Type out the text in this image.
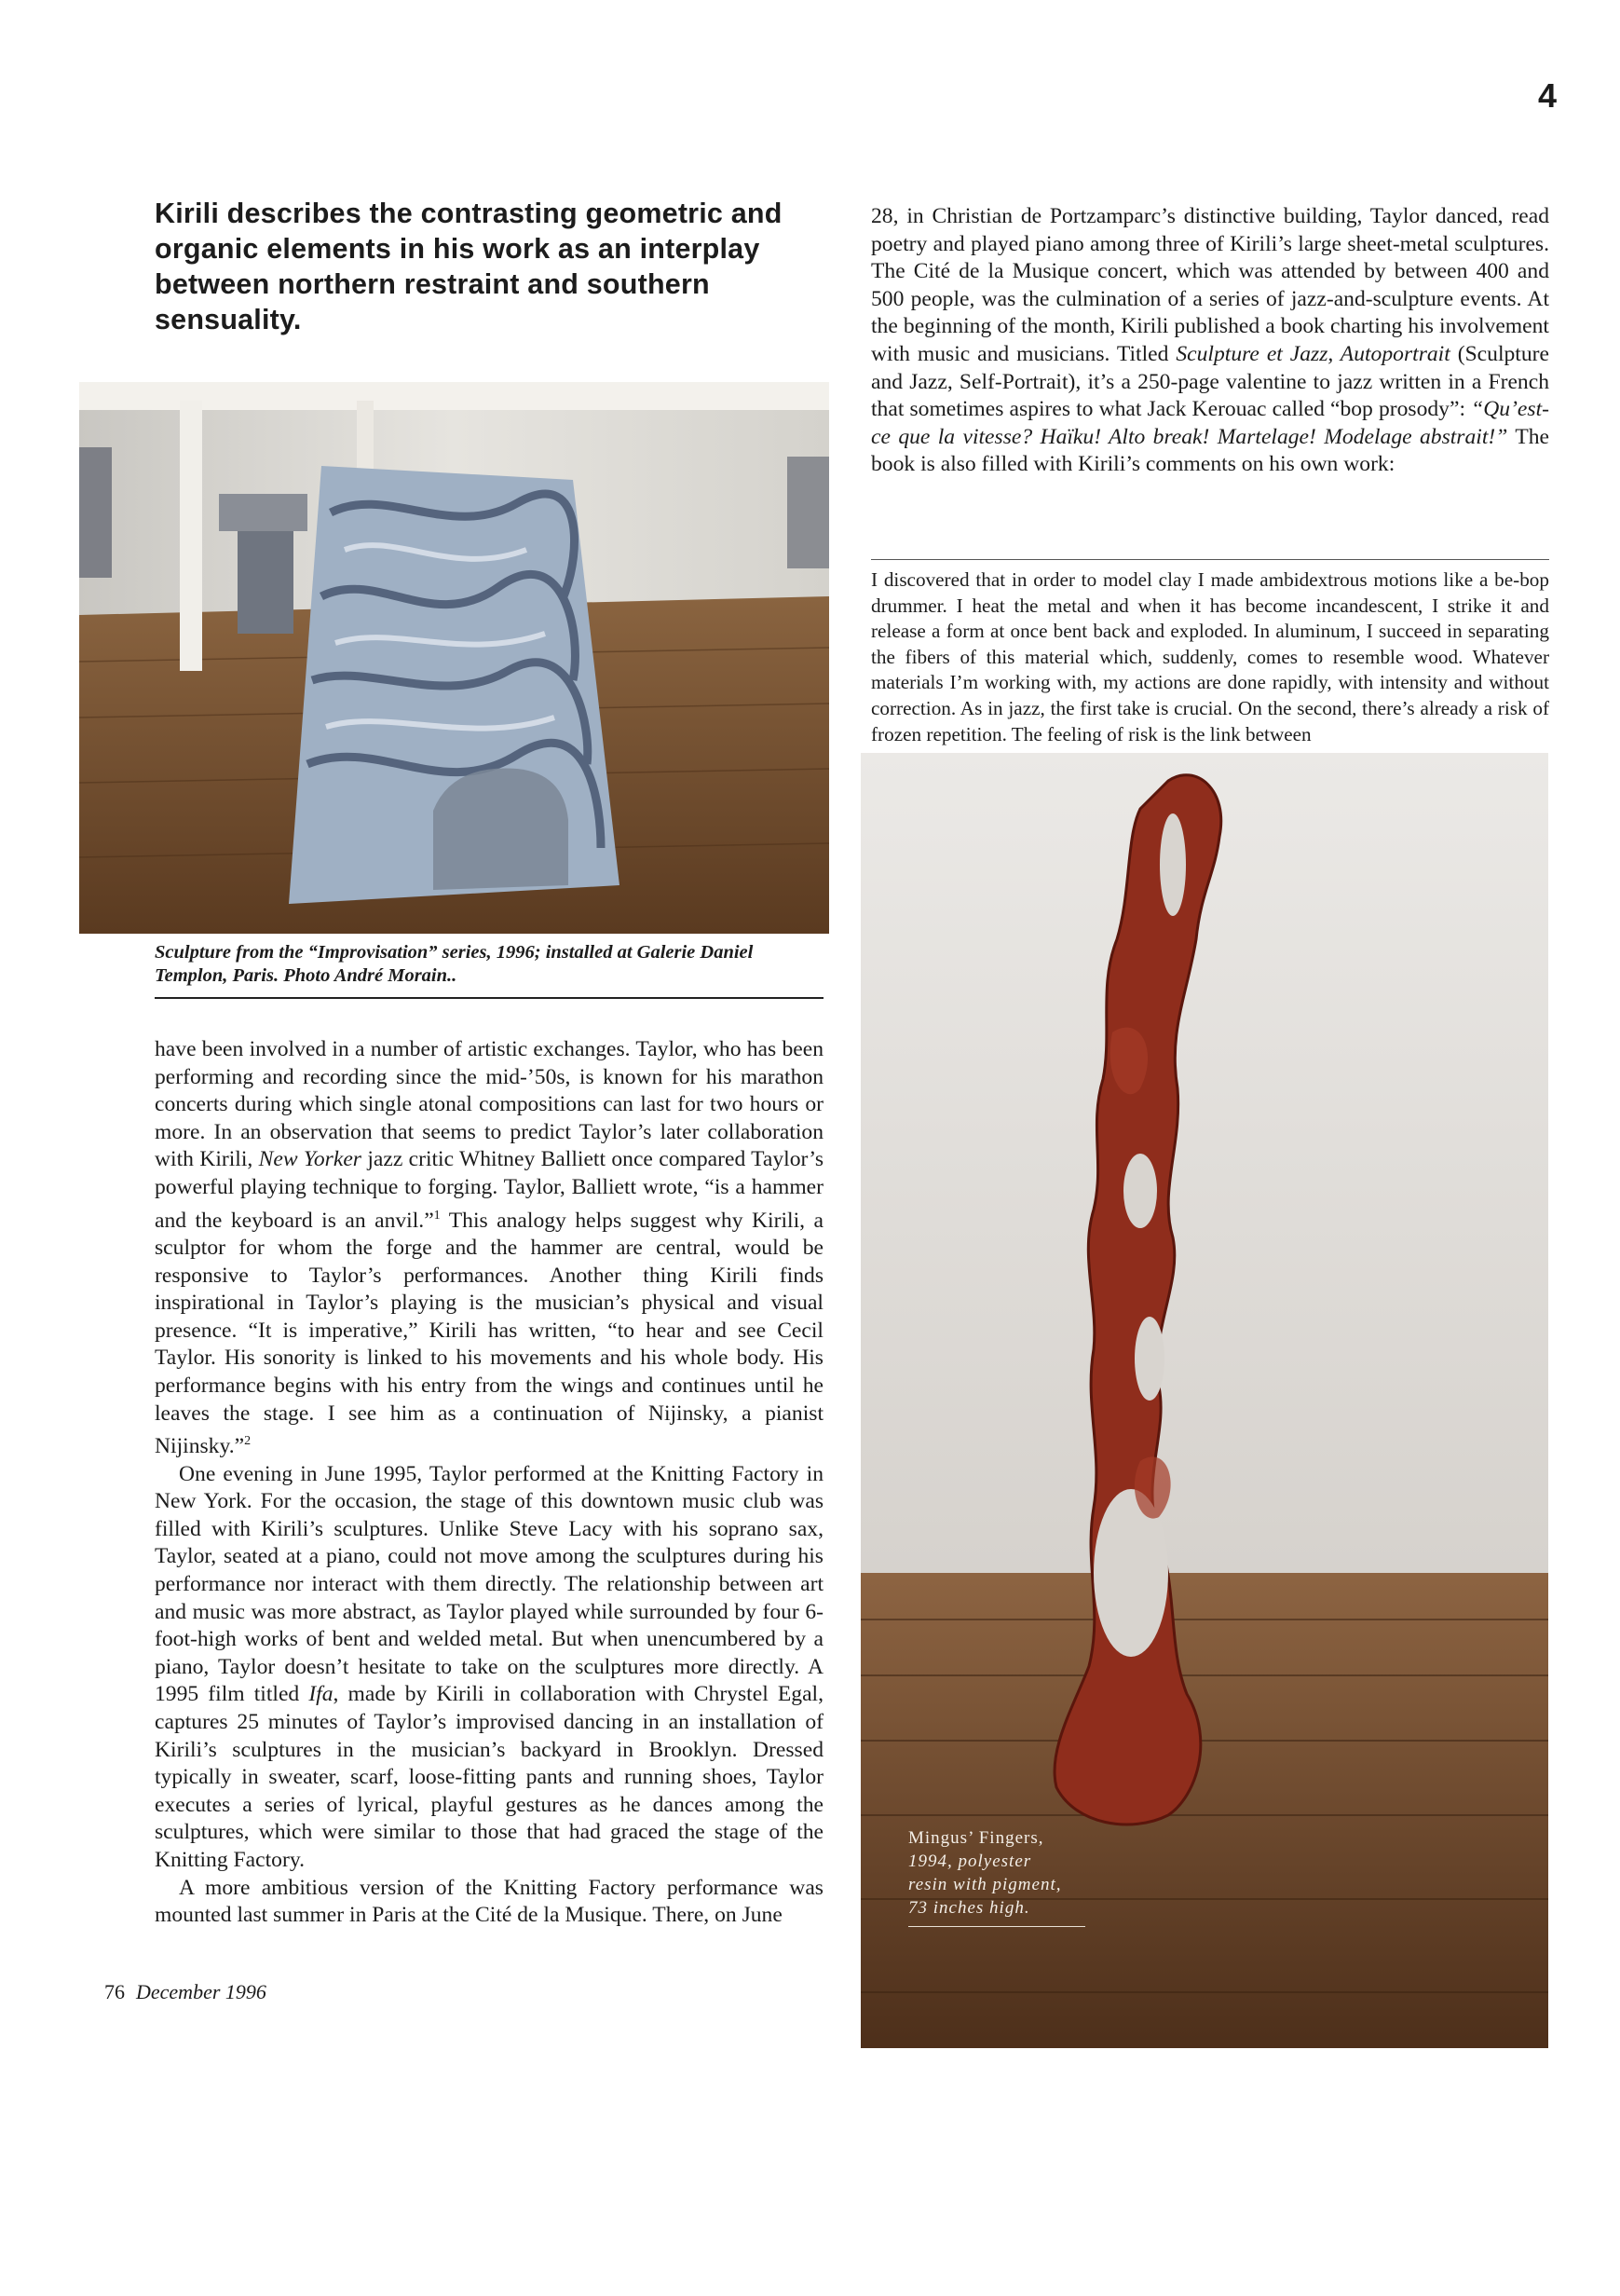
4
Kirili describes the contrasting geometric and organic elements in his work as an interplay between northern restraint and southern sensuality.

28, in Christian de Portzamparc’s distinctive building, Taylor danced, read poetry and played piano among three of Kirili’s large sheet-metal sculptures. The Cité de la Musique concert, which was attended by between 400 and 500 people, was the culmination of a series of jazz-and-sculpture events. At the beginning of the month, Kirili published a book charting his involvement with music and musicians. Titled Sculpture et Jazz, Autoportrait (Sculpture and Jazz, Self-Portrait), it’s a 250-page valentine to jazz written in a French that sometimes aspires to what Jack Kerouac called “bop prosody”: “Qu’est-ce que la vitesse? Haïku! Alto break! Martelage! Modelage abstrait!” The book is also filled with Kirili’s comments on his own work:

I discovered that in order to model clay I made ambidextrous motions like a be-bop drummer. I heat the metal and when it has become incandescent, I strike it and release a form at once bent back and exploded. In aluminum, I succeed in separating the fibers of this material which, suddenly, comes to resemble wood. Whatever materials I’m working with, my actions are done rapidly, with intensity and without correction. As in jazz, the first take is crucial. On the second, there’s already a risk of frozen repetition. The feeling of risk is the link between

Sculpture from the “Improvisation” series, 1996; installed at Galerie Daniel Templon, Paris. Photo André Morain..

have been involved in a number of artistic exchanges. Taylor, who has been performing and recording since the mid-’50s, is known for his marathon concerts during which single atonal compositions can last for two hours or more. In an observation that seems to predict Taylor’s later collaboration with Kirili, New Yorker jazz critic Whitney Balliett once compared Taylor’s powerful playing technique to forging. Taylor, Balliett wrote, “is a hammer and the keyboard is an anvil.”$^1$ This analogy helps suggest why Kirili, a sculptor for whom the forge and the hammer are central, would be responsive to Taylor’s performances. Another thing Kirili finds inspirational in Taylor’s playing is the musician’s physical and visual presence. “It is imperative,” Kirili has written, “to hear and see Cecil Taylor. His sonority is linked to his movements and his whole body. His performance begins with his entry from the wings and continues until he leaves the stage. I see him as a continuation of Nijinsky, a pianist Nijinsky.”$^2$

One evening in June 1995, Taylor performed at the Knitting Factory in New York. For the occasion, the stage of this downtown music club was filled with Kirili’s sculptures. Unlike Steve Lacy with his soprano sax, Taylor, seated at a piano, could not move among the sculptures during his performance nor interact with them directly. The relationship between art and music was more abstract, as Taylor played while surrounded by four 6-foot-high works of bent and welded metal. But when unencumbered by a piano, Taylor doesn’t hesitate to take on the sculptures more directly. A 1995 film titled Ifa, made by Kirili in collaboration with Chrystel Egal, captures 25 minutes of Taylor’s improvised dancing in an installation of Kirili’s sculptures in the musician’s backyard in Brooklyn. Dressed typically in sweater, scarf, loose-fitting pants and running shoes, Taylor executes a series of lyrical, playful gestures as he dances among the sculptures, which were similar to those that had graced the stage of the Knitting Factory.

A more ambitious version of the Knitting Factory performance was mounted last summer in Paris at the Cité de la Musique. There, on June

Mingus’ Fingers,
1994, polyester
resin with pigment,
73 inches high.

76 December 1996
